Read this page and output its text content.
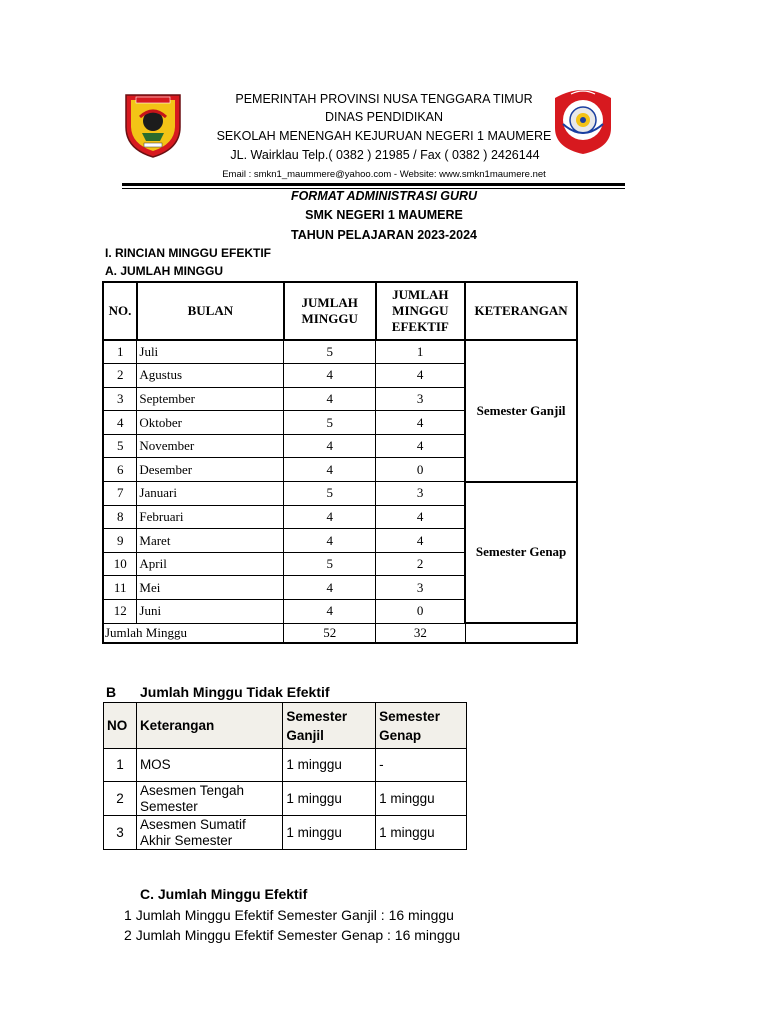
PEMERINTAH PROVINSI NUSA TENGGARA TIMUR
DINAS PENDIDIKAN
SEKOLAH MENENGAH KEJURUAN NEGERI 1 MAUMERE
JL. Wairklau Telp.( 0382 ) 21985 / Fax ( 0382 ) 2426144
Email : smkn1_maummere@yahoo.com - Website: www.smkn1maumere.net
FORMAT ADMINISTRASI GURU
SMK NEGERI 1 MAUMERE
TAHUN PELAJARAN 2023-2024
I. RINCIAN MINGGU EFEKTIF
A. JUMLAH MINGGU
NO.	BULAN	JUMLAH MINGGU	JUMLAH MINGGU EFEKTIF	KETERANGAN
1	Juli	5	1	Semester Ganjil
2	Agustus	4	4	
3	September	4	3	
4	Oktober	5	4	
5	November	4	4	
6	Desember	4	0	
7	Januari	5	3	Semester Genap
8	Februari	4	4	
9	Maret	4	4	
10	April	5	2	
11	Mei	4	3	
12	Juni	4	0	
Jumlah Minggu		52	32	
B Jumlah Minggu Tidak Efektif
NO	Keterangan	Semester Ganjil	Semester Genap
1	MOS	1 minggu	-
2	Asesmen Tengah Semester	1 minggu	1 minggu
3	Asesmen Sumatif Akhir Semester	1 minggu	1 minggu
C. Jumlah Minggu Efektif
1 Jumlah Minggu Efektif Semester Ganjil : 16 minggu
2 Jumlah Minggu Efektif Semester Genap : 16 minggu
